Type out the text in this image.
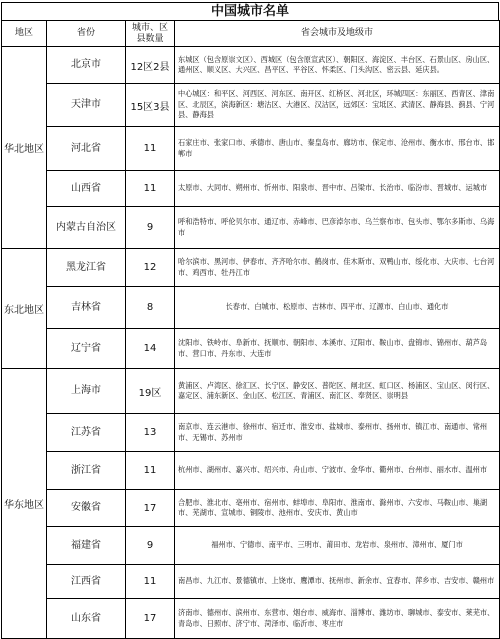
中国城市名单
地区	省份	城市、区县数量	省会城市及地级市
华北地区	北京市	12区2县	东城区（包含原崇文区）、西城区（包含原宣武区）、朝阳区、海淀区、丰台区、石景山区、房山区、通州区、顺义区、大兴区、昌平区、平谷区、怀柔区、门头沟区、密云县、延庆县。
	天津市	15区3县	中心城区：和平区、河西区、河东区、南开区、红桥区、河北区，环城四区：东丽区、西青区、津南区、北辰区，滨海新区：塘沽区、大港区、汉沽区，远郊区：宝坻区、武清区、静海县、蓟县、宁河县、静海县
	河北省	11	石家庄市、张家口市、承德市、唐山市、秦皇岛市、廊坊市、保定市、沧州市、衡水市、邢台市、邯郸市
	山西省	11	太原市、大同市、朔州市、忻州市、阳泉市、晋中市、吕梁市、长治市、临汾市、晋城市、运城市
	内蒙古自治区	9	呼和浩特市、呼伦贝尔市、通辽市、赤峰市、巴彦淖尔市、乌兰察布市、包头市、鄂尔多斯市、乌海市
东北地区	黑龙江省	12	哈尔滨市、黑河市、伊春市、齐齐哈尔市、鹤岗市、佳木斯市、双鸭山市、绥化市、大庆市、七台河市、鸡西市、牡丹江市
	吉林省	8	长春市、白城市、松原市、吉林市、四平市、辽源市、白山市、通化市
	辽宁省	14	沈阳市、铁岭市、阜新市、抚顺市、朝阳市、本溪市、辽阳市、鞍山市、盘锦市、锦州市、葫芦岛市、营口市、丹东市、大连市
华东地区	上海市	19区	黄浦区、卢湾区、徐汇区、长宁区、静安区、普陀区、闸北区、虹口区、杨浦区、宝山区、闵行区、嘉定区、浦东新区、金山区、松江区、青浦区、南汇区、奉贤区、崇明县
	江苏省	13	南京市、连云港市、徐州市、宿迁市、淮安市、盐城市、泰州市、扬州市、镇江市、南通市、常州市、无锡市、苏州市
	浙江省	11	杭州市、湖州市、嘉兴市、绍兴市、舟山市、宁波市、金华市、衢州市、台州市、丽水市、温州市
	安徽省	17	合肥市、淮北市、亳州市、宿州市、蚌埠市、阜阳市、淮南市、滁州市、六安市、马鞍山市、巢湖市、芜湖市、宣城市、铜陵市、池州市、安庆市、黄山市
	福建省	9	福州市、宁德市、南平市、三明市、莆田市、龙岩市、泉州市、漳州市、厦门市
	江西省	11	南昌市、九江市、景德镇市、上饶市、鹰潭市、抚州市、新余市、宜春市、萍乡市、吉安市、赣州市
	山东省	17	济南市、德州市、滨州市、东营市、烟台市、威海市、淄博市、潍坊市、聊城市、泰安市、莱芜市、青岛市、日照市、济宁市、菏泽市、临沂市、枣庄市
